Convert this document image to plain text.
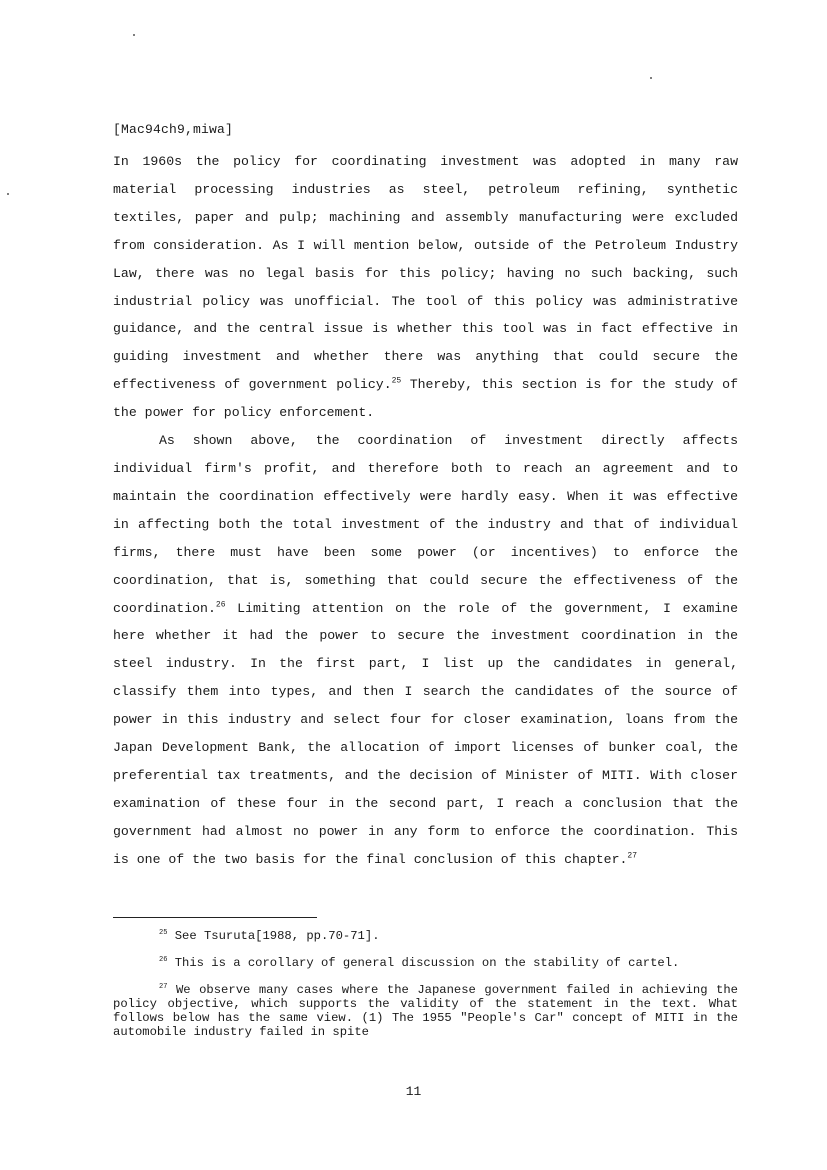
[Mac94ch9,miwa]

In 1960s the policy for coordinating investment was adopted in many raw material processing industries as steel, petroleum refining, synthetic textiles, paper and pulp; machining and assembly manufacturing were excluded from consideration. As I will mention below, outside of the Petroleum Industry Law, there was no legal basis for this policy; having no such backing, such industrial policy was unofficial. The tool of this policy was administrative guidance, and the central issue is whether this tool was in fact effective in guiding investment and whether there was anything that could secure the effectiveness of government policy.$^{25}$ Thereby, this section is for the study of the power for policy enforcement.

As shown above, the coordination of investment directly affects individual firm's profit, and therefore both to reach an agreement and to maintain the coordination effectively were hardly easy. When it was effective in affecting both the total investment of the industry and that of individual firms, there must have been some power (or incentives) to enforce the coordination, that is, something that could secure the effectiveness of the coordination.$^{26}$ Limiting attention on the role of the government, I examine here whether it had the power to secure the investment coordination in the steel industry. In the first part, I list up the candidates in general, classify them into types, and then I search the candidates of the source of power in this industry and select four for closer examination, loans from the Japan Development Bank, the allocation of import licenses of bunker coal, the preferential tax treatments, and the decision of Minister of MITI. With closer examination of these four in the second part, I reach a conclusion that the government had almost no power in any form to enforce the coordination. This is one of the two basis for the final conclusion of this chapter.$^{27}$

$^{25}$ See Tsuruta[1988, pp.70-71].

$^{26}$ This is a corollary of general discussion on the stability of cartel.

$^{27}$ We observe many cases where the Japanese government failed in achieving the policy objective, which supports the validity of the statement in the text. What follows below has the same view. (1) The 1955 "People's Car" concept of MITI in the automobile industry failed in spite

11
